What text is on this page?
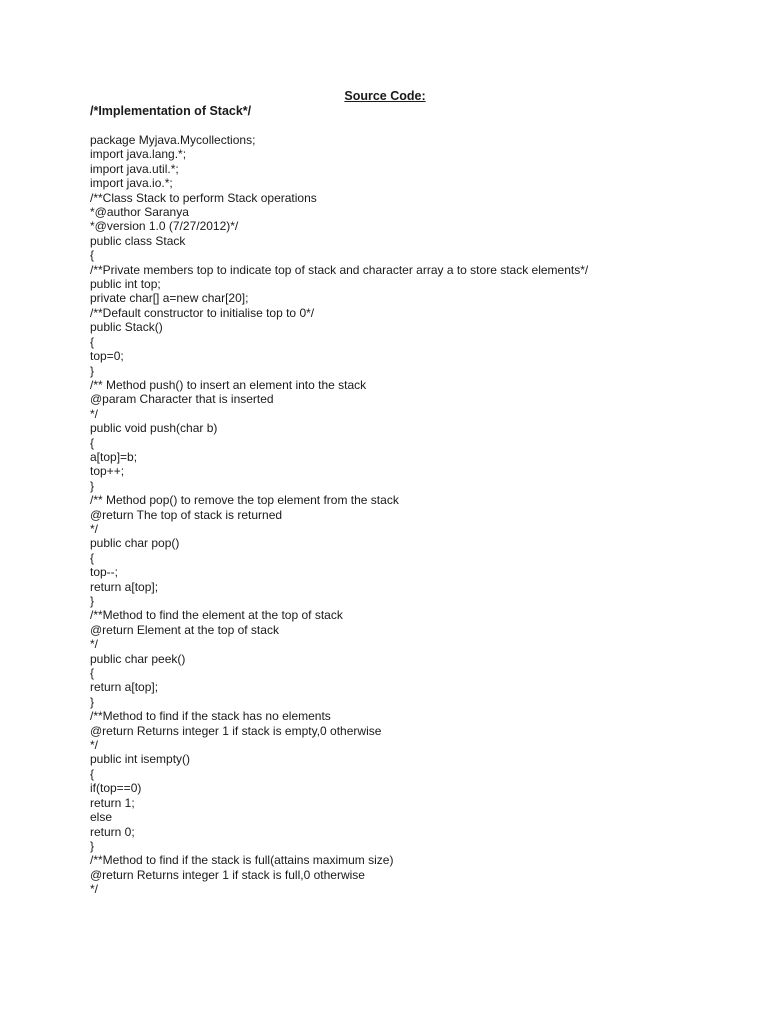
Source Code:
/*Implementation of Stack*/
package Myjava.Mycollections;
import java.lang.*;
import java.util.*;
import java.io.*;
/**Class Stack to perform Stack operations
*@author Saranya
*@version 1.0 (7/27/2012)*/
public class Stack
{
/**Private members top to indicate top of stack and character array a to store stack elements*/
public int top;
private char[] a=new char[20];
/**Default constructor to initialise top to 0*/
public Stack()
{
top=0;
}
/** Method push() to insert an element into the stack
@param Character that is inserted
*/
public void push(char b)
{
a[top]=b;
top++;
}
/** Method pop() to remove the top element from the stack
@return The top of stack is returned
*/
public char pop()
{
top--;
return a[top];
}
/**Method to find the element at the top of stack
@return Element at the top of stack
*/
public char peek()
{
return a[top];
}
/**Method to find if the stack has no elements
@return Returns integer 1 if stack is empty,0 otherwise
*/
public int isempty()
{
if(top==0)
return 1;
else
return 0;
}
/**Method to find if the stack is full(attains maximum size)
@return Returns integer 1 if stack is full,0 otherwise
*/
